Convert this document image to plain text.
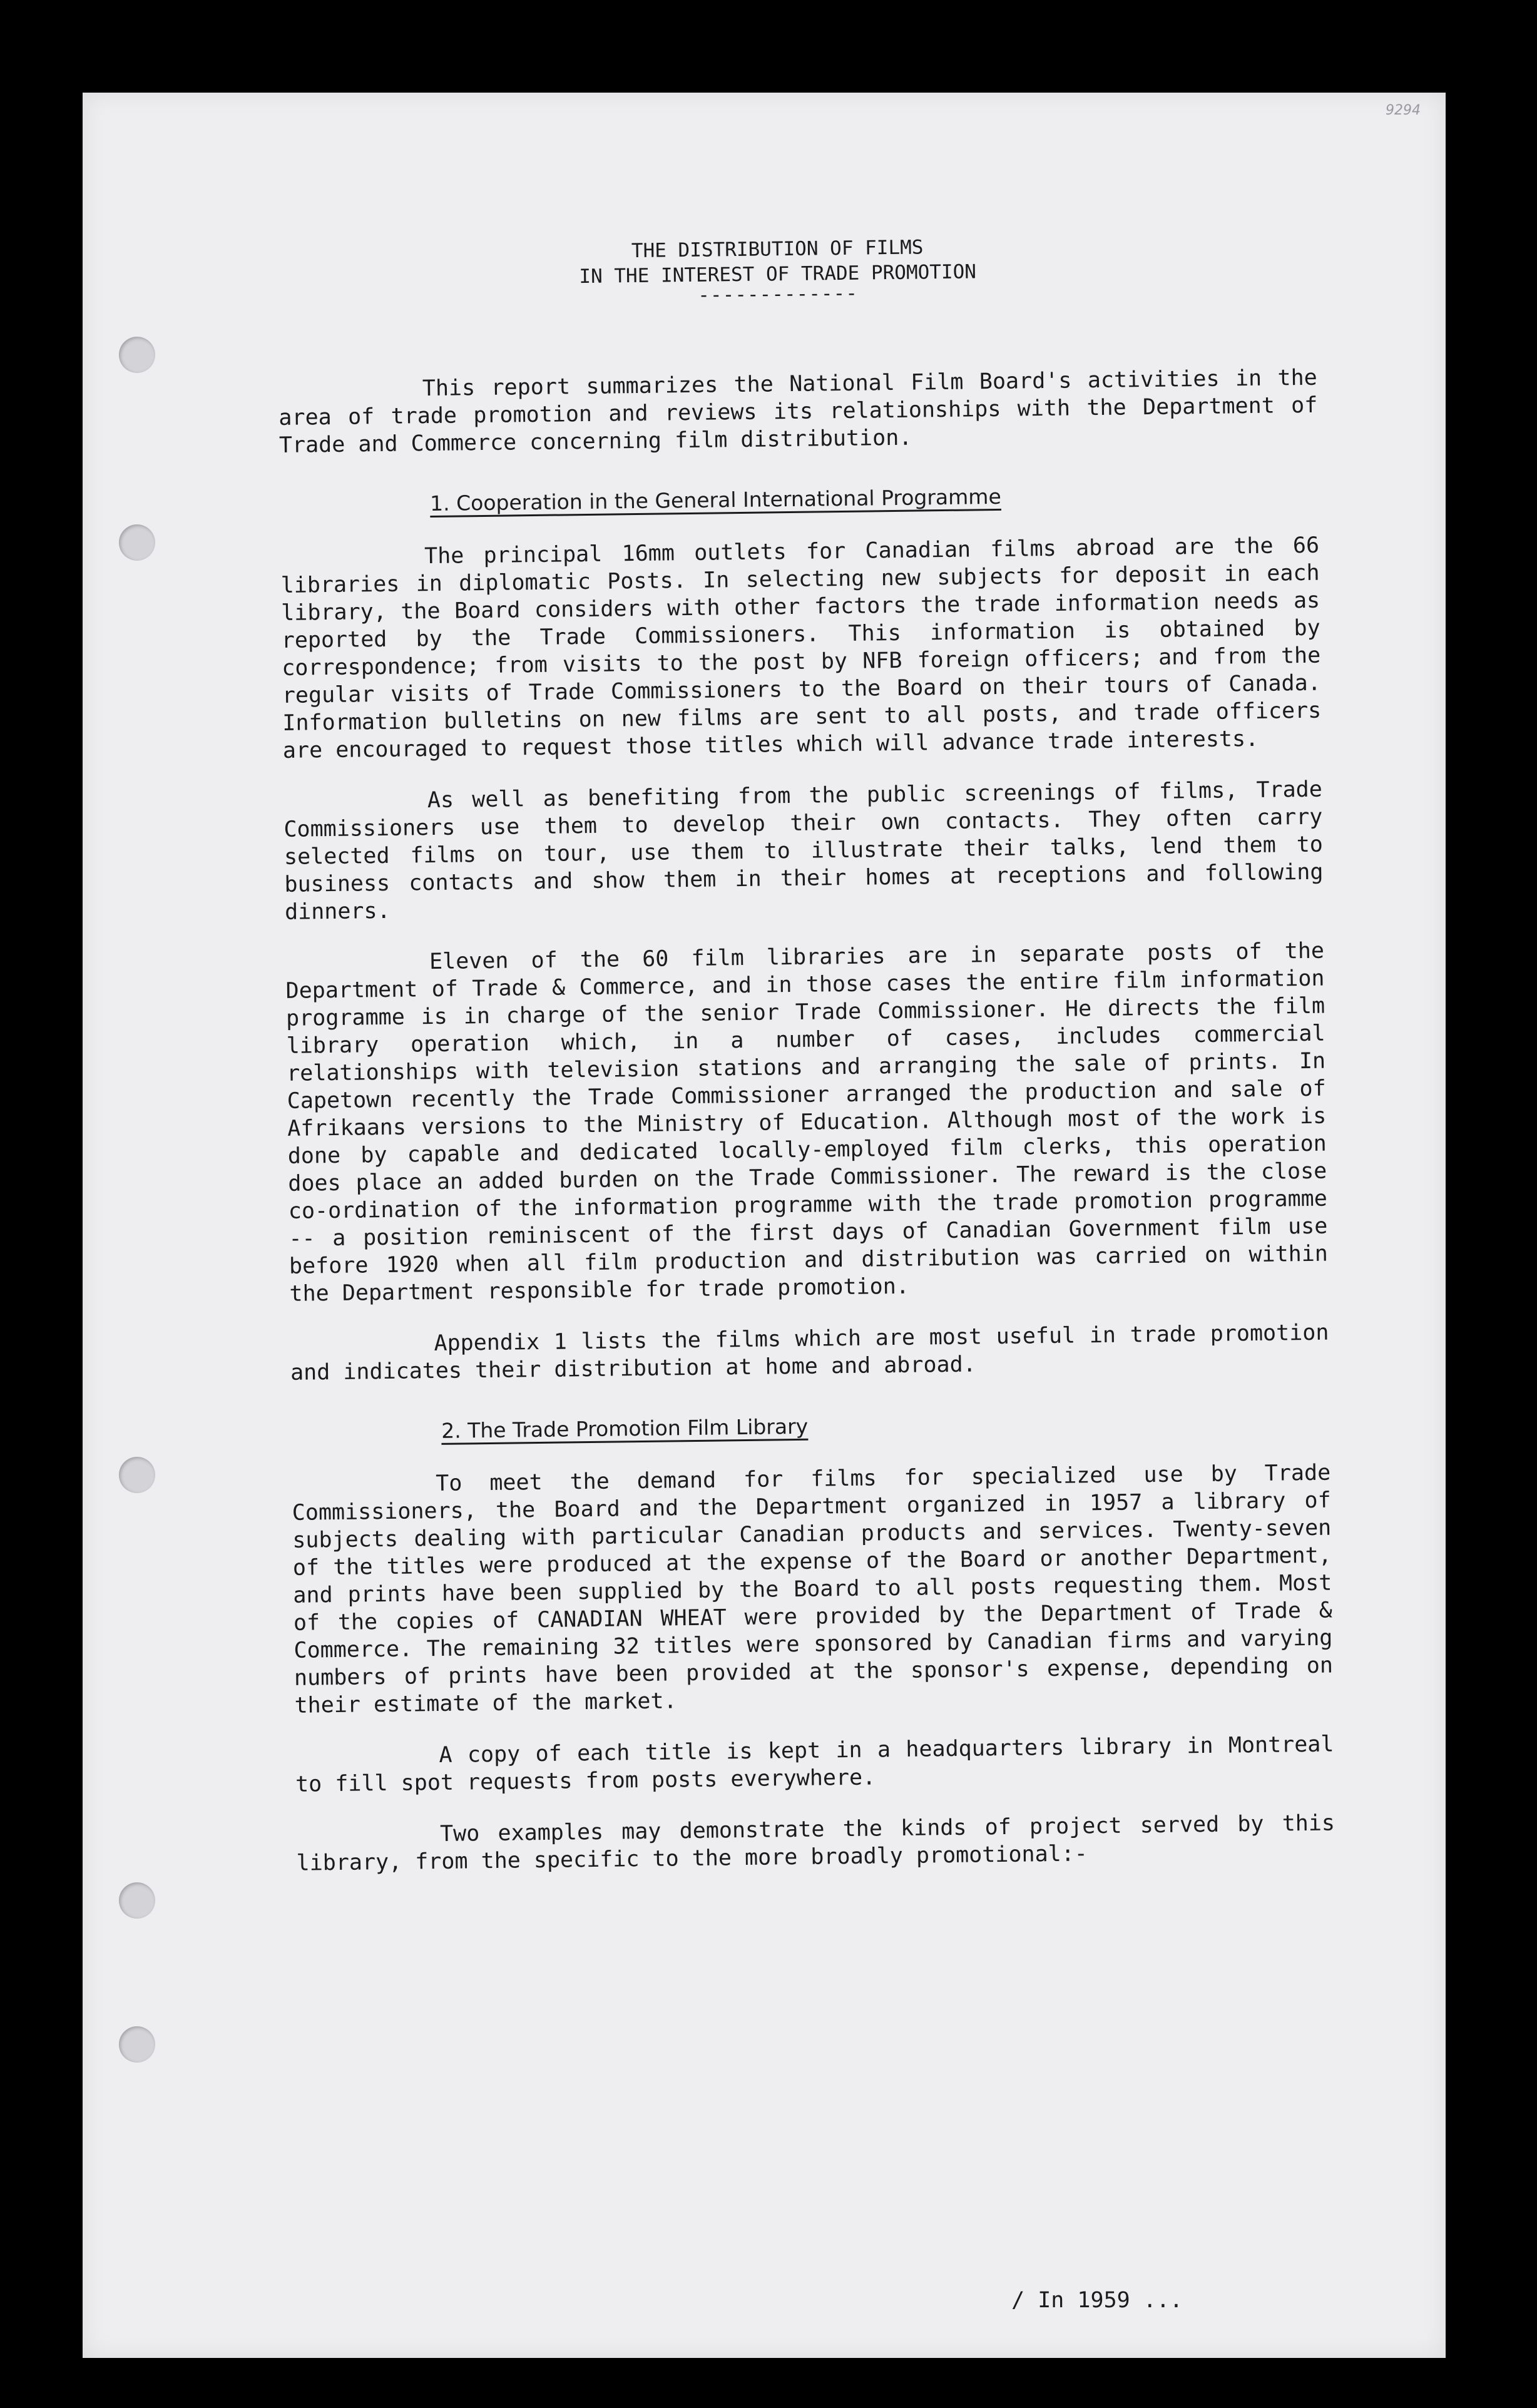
9294
THE DISTRIBUTION OF FILMS
IN THE INTEREST OF TRADE PROMOTION
-------------

This report summarizes the National Film Board's activities in the area of trade promotion and reviews its relationships with the Department of Trade and Commerce concerning film distribution.

1. Cooperation in the General International Programme

The principal 16mm outlets for Canadian films abroad are the 66 libraries in diplomatic Posts. In selecting new subjects for deposit in each library, the Board considers with other factors the trade information needs as reported by the Trade Commissioners. This information is obtained by correspondence; from visits to the post by NFB foreign officers; and from the regular visits of Trade Commissioners to the Board on their tours of Canada. Information bulletins on new films are sent to all posts, and trade officers are encouraged to request those titles which will advance trade interests.

As well as benefiting from the public screenings of films, Trade Commissioners use them to develop their own contacts. They often carry selected films on tour, use them to illustrate their talks, lend them to business contacts and show them in their homes at receptions and following dinners.

Eleven of the 60 film libraries are in separate posts of the Department of Trade & Commerce, and in those cases the entire film information programme is in charge of the senior Trade Commissioner. He directs the film library operation which, in a number of cases, includes commercial relationships with television stations and arranging the sale of prints. In Capetown recently the Trade Commissioner arranged the production and sale of Afrikaans versions to the Ministry of Education. Although most of the work is done by capable and dedicated locally-employed film clerks, this operation does place an added burden on the Trade Commissioner. The reward is the close co-ordination of the information programme with the trade promotion programme -- a position reminiscent of the first days of Canadian Government film use before 1920 when all film production and distribution was carried on within the Department responsible for trade promotion.

Appendix 1 lists the films which are most useful in trade promotion and indicates their distribution at home and abroad.

2. The Trade Promotion Film Library

To meet the demand for films for specialized use by Trade Commissioners, the Board and the Department organized in 1957 a library of subjects dealing with particular Canadian products and services. Twenty-seven of the titles were produced at the expense of the Board or another Department, and prints have been supplied by the Board to all posts requesting them. Most of the copies of CANADIAN WHEAT were provided by the Department of Trade & Commerce. The remaining 32 titles were sponsored by Canadian firms and varying numbers of prints have been provided at the sponsor's expense, depending on their estimate of the market.

A copy of each title is kept in a headquarters library in Montreal to fill spot requests from posts everywhere.

Two examples may demonstrate the kinds of project served by this library, from the specific to the more broadly promotional:-

/ In 1959 ...
